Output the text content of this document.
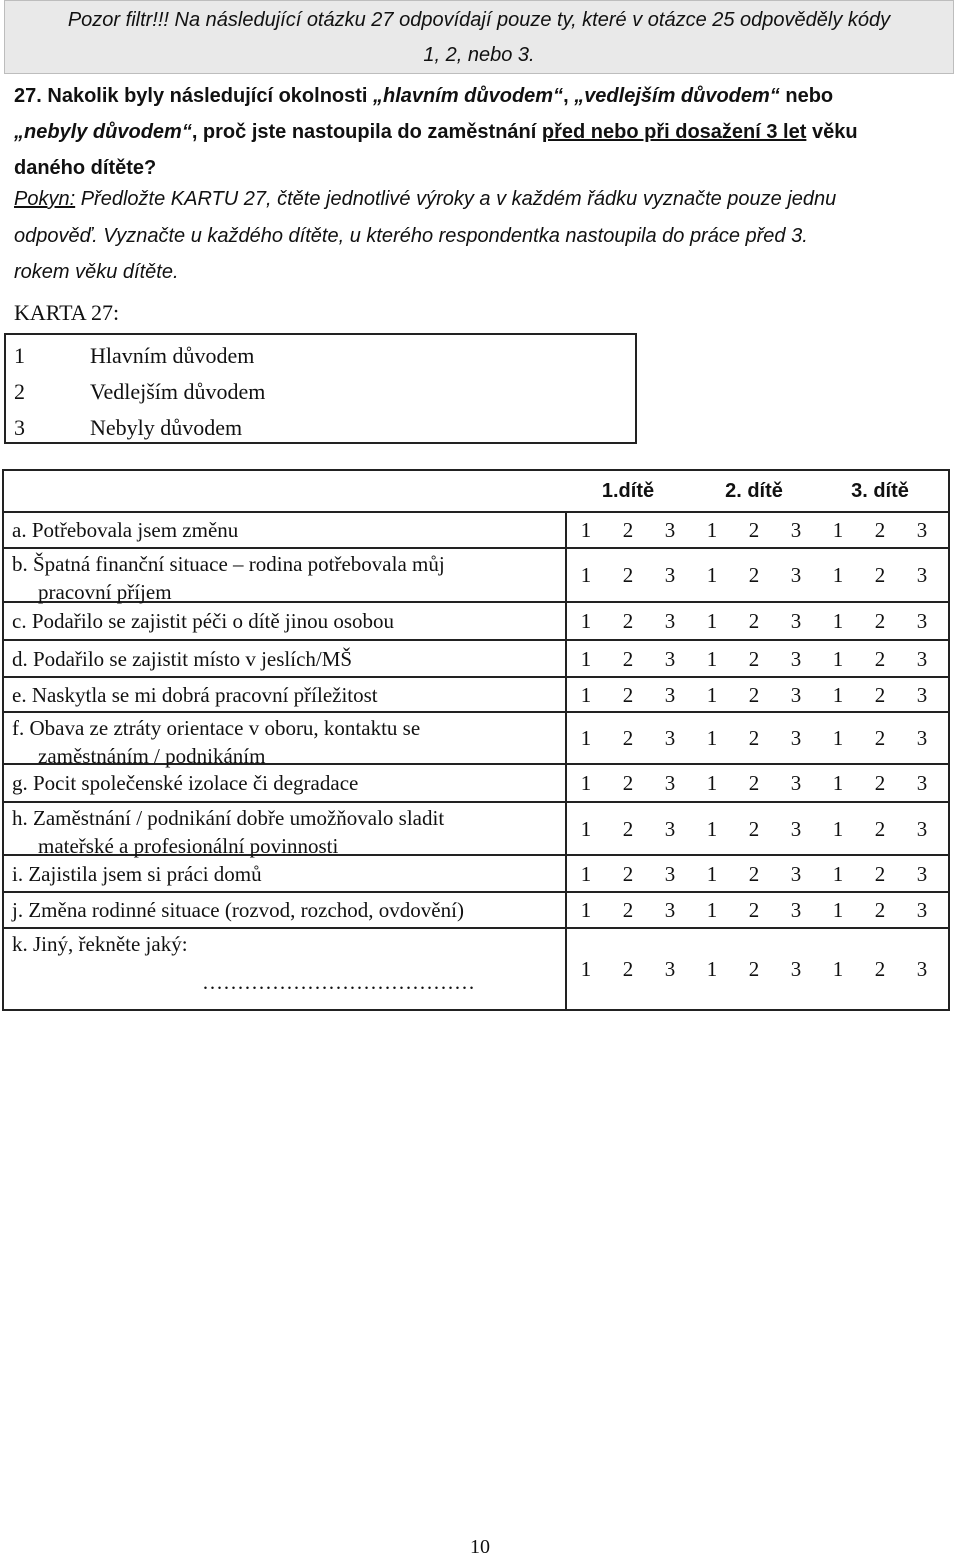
Pozor filtr!!! Na následující otázku 27 odpovídají pouze ty, které v otázce 25 odpověděly kódy
1, 2, nebo 3.
27. Nakolik byly následující okolnosti „hlavním důvodem“, „vedlejším důvodem“ nebo
„nebyly důvodem“, proč jste nastoupila do zaměstnání před nebo při dosažení 3 let věku
daného dítěte?
Pokyn: Předložte KARTU 27, čtěte jednotlivé výroky a v každém řádku vyznačte pouze jednu
odpověď. Vyznačte u každého dítěte, u kterého respondentka nastoupila do práce před 3.
rokem věku dítěte.
KARTA 27:
1	Hlavním důvodem
2	Vedlejším důvodem
3	Nebyly důvodem
1.dítě	2. dítě	3. dítě
a. Potřebovala jsem změnu	1	2	3	1	2	3	1	2	3
b. Špatná finanční situace – rodina potřebovala můj
pracovní příjem
1	2	3	1	2	3	1	2	3
c. Podařilo se zajistit péči o dítě jinou osobou	1	2	3	1	2	3	1	2	3
d. Podařilo se zajistit místo v jeslích/MŠ	1	2	3	1	2	3	1	2	3
e. Naskytla se mi dobrá pracovní příležitost	1	2	3	1	2	3	1	2	3
f. Obava ze ztráty orientace v oboru, kontaktu se
zaměstnáním / podnikáním
1	2	3	1	2	3	1	2	3
g. Pocit společenské izolace či degradace	1	2	3	1	2	3	1	2	3
h. Zaměstnání / podnikání dobře umožňovalo sladit
mateřské a profesionální povinnosti
1	2	3	1	2	3	1	2	3
i. Zajistila jsem si práci domů	1	2	3	1	2	3	1	2	3
j. Změna rodinné situace (rozvod, rozchod, ovdovění)	1	2	3	1	2	3	1	2	3
k. Jiný, řekněte jaký:
…………………………………
1	2	3	1	2	3	1	2	3
10
